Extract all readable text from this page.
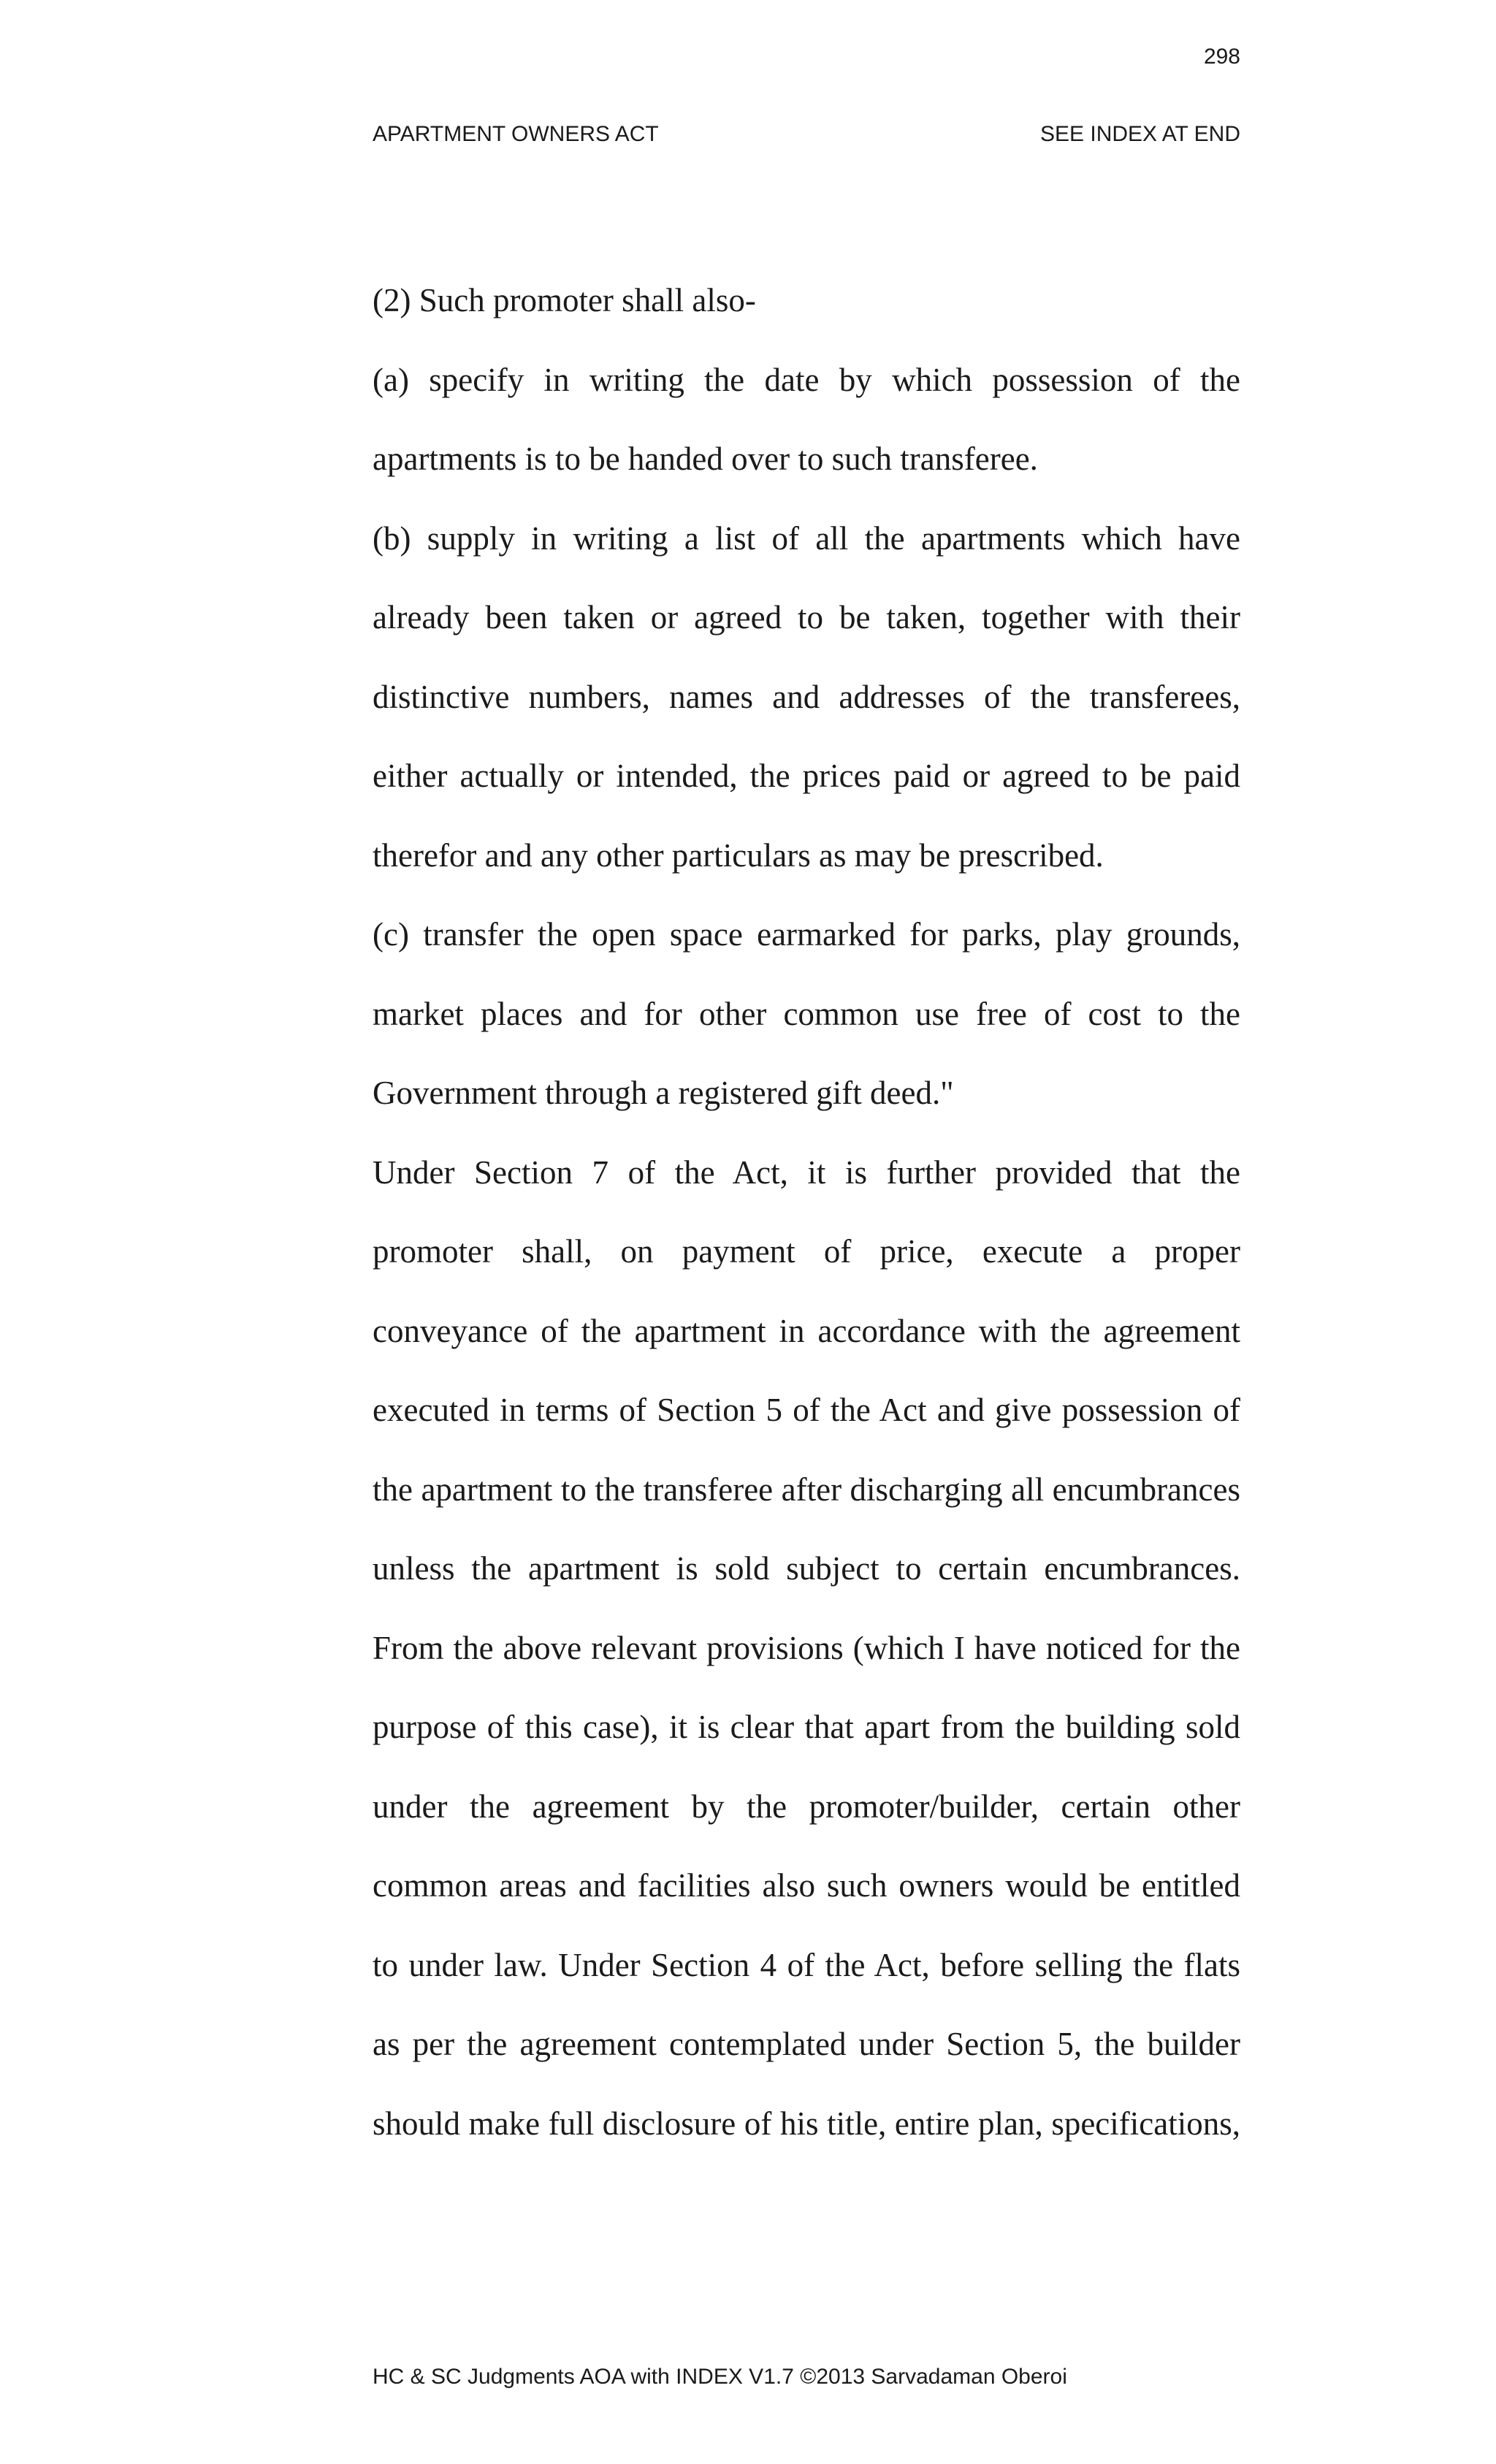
298
APARTMENT OWNERS ACT	SEE INDEX AT END

(2) Such promoter shall also-

(a) specify in writing the date by which possession of the apartments is to be handed over to such transferee.

(b) supply in writing a list of all the apartments which have already been taken or agreed to be taken, together with their distinctive numbers, names and addresses of the transferees, either actually or intended, the prices paid or agreed to be paid therefor and any other particulars as may be prescribed.

(c) transfer the open space earmarked for parks, play grounds, market places and for other common use free of cost to the Government through a registered gift deed."

Under Section 7 of the Act, it is further provided that the promoter shall, on payment of price, execute a proper conveyance of the apartment in accordance with the agreement executed in terms of Section 5 of the Act and give possession of the apartment to the transferee after discharging all encumbrances unless the apartment is sold subject to certain encumbrances. From the above relevant provisions (which I have noticed for the purpose of this case), it is clear that apart from the building sold under the agreement by the promoter/builder, certain other common areas and facilities also such owners would be entitled to under law. Under Section 4 of the Act, before selling the flats as per the agreement contemplated under Section 5, the builder should make full disclosure of his title, entire plan, specifications,

HC & SC Judgments AOA with INDEX V1.7 ©2013 Sarvadaman Oberoi
